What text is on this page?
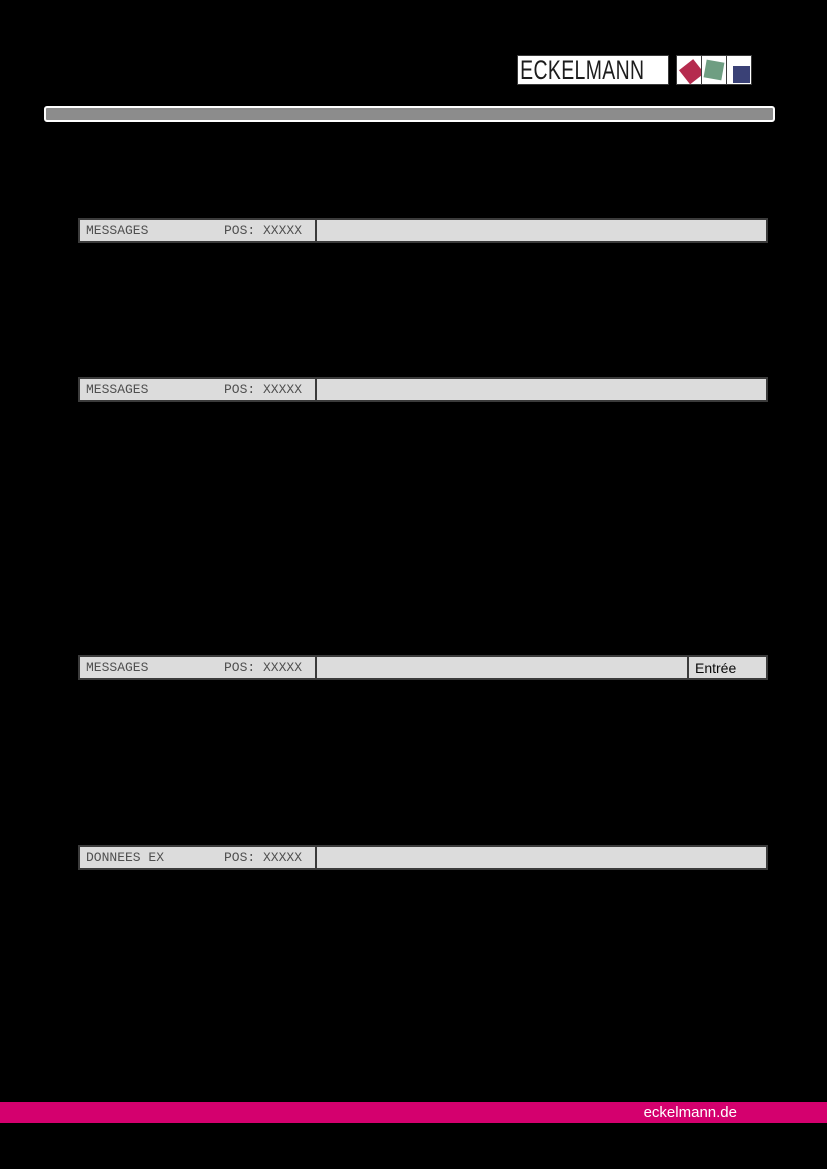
ECKELMANN
MESSAGES	POS: XXXXX
MESSAGES	POS: XXXXX
MESSAGES	POS: XXXXX	Entrée
DONNEES EX	POS: XXXXX
eckelmann.de
